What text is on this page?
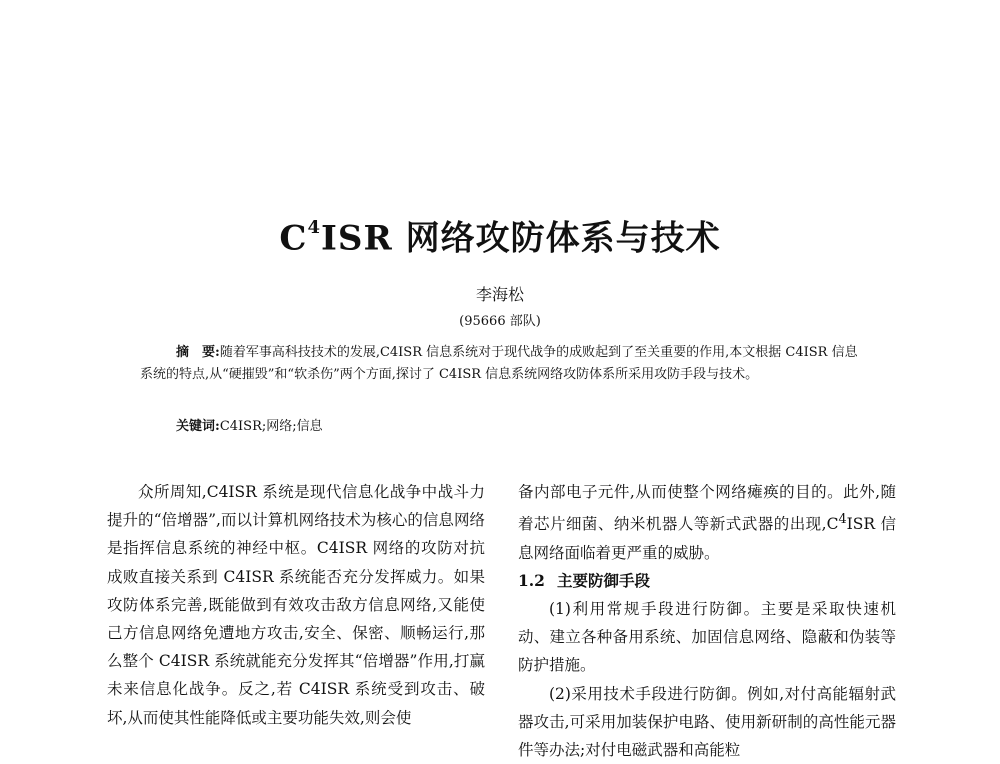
$C^4ISR$ 网络攻防体系与技术
李海松
(95666 部队)
摘　要:随着军事高科技技术的发展,C4ISR 信息系统对于现代战争的成败起到了至关重要的作用,本文根据 C4ISR 信息系统的特点,从“硬摧毁”和“软杀伤”两个方面,探讨了 C4ISR 信息系统网络攻防体系所采用攻防手段与技术。
关键词:C4ISR;网络;信息

众所周知,C4ISR 系统是现代信息化战争中战斗力提升的“倍增器”,而以计算机网络技术为核心的信息网络是指挥信息系统的神经中枢。C4ISR 网络的攻防对抗成败直接关系到 C4ISR 系统能否充分发挥威力。如果攻防体系完善,既能做到有效攻击敌方信息网络,又能使己方信息网络免遭地方攻击,安全、保密、顺畅运行,那么整个 C4ISR 系统就能充分发挥其“倍增器”作用,打赢未来信息化战争。反之,若 C4ISR 系统受到攻击、破坏,从而使其性能降低或主要功能失效,则会使

备内部电子元件,从而使整个网络瘫痪的目的。此外,随着芯片细菌、纳米机器人等新式武器的出现$,C^4ISR$ 信息网络面临着更严重的威胁。

1.2 主要防御手段

(1)利用常规手段进行防御。主要是采取快速机动、建立各种备用系统、加固信息网络、隐蔽和伪装等防护措施。

(2)采用技术手段进行防御。例如,对付高能辐射武器攻击,可采用加装保护电路、使用新研制的高性能元器件等办法;对付电磁武器和高能粒
